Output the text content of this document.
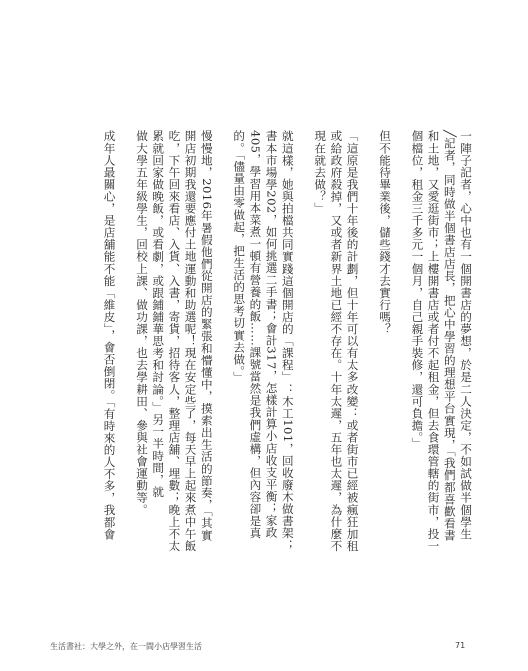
一陣子記者，心中也有一個開書店的夢想，於是二人決定，不如試做半個學生

╱記者，同時做半個書店店長，把心中學習的理想平台實現，「我們都喜歡看書

和土地，又愛逛街市；上樓開書店或者付不起租金，但去食環管轄的街市，投一

個檔位，租金三千多元一個月，自己親手裝修，還可負擔。」

但不能待畢業後，儲些錢才去實行嗎？

「這原是我們十年後的計劃，但十年可以有太多改變：或者街市已經被瘋狂加租

或給政府殺掉，又或者新界土地已經不存在。十年太遲，五年也太遲，為什麼不

現在就去做？」

就這樣，她與拍檔共同實踐這個開店的「課程」：木工101，回收廢木做書架；

書本市場學202，如何挑選二手書；會計317，怎樣計算小店收支平衡；家政

405，學習用本菜煮一頓有營養的飯……課號當然是我們虛構，但內容卻是真

的。「儘量由零做起，把生活的思考切實去做。」

慢慢地，2016年暑假他們從開店的緊張和懵懂中，摸索出生活的節奏，「其實

開店初期我還要應付土地運動和助選呢！現在安定些了，每天早上起來煮中午飯

吃，下午回來看店、入貨、入書，寄貨，招待客人，整理店舖、埋數；晚上不太

累就回家做晚飯，或看劇，或跟鋪鋪華思考和討論。」另一半時間，就

做大學五年級學生，回校上課、做功課，也去學耕田、參與社會運動等。

成年人最關心，是店舖能不能「維皮」，會否倒閉。「有時來的人不多，我都會

生活書社：大學之外，在一間小店學習生活	71
